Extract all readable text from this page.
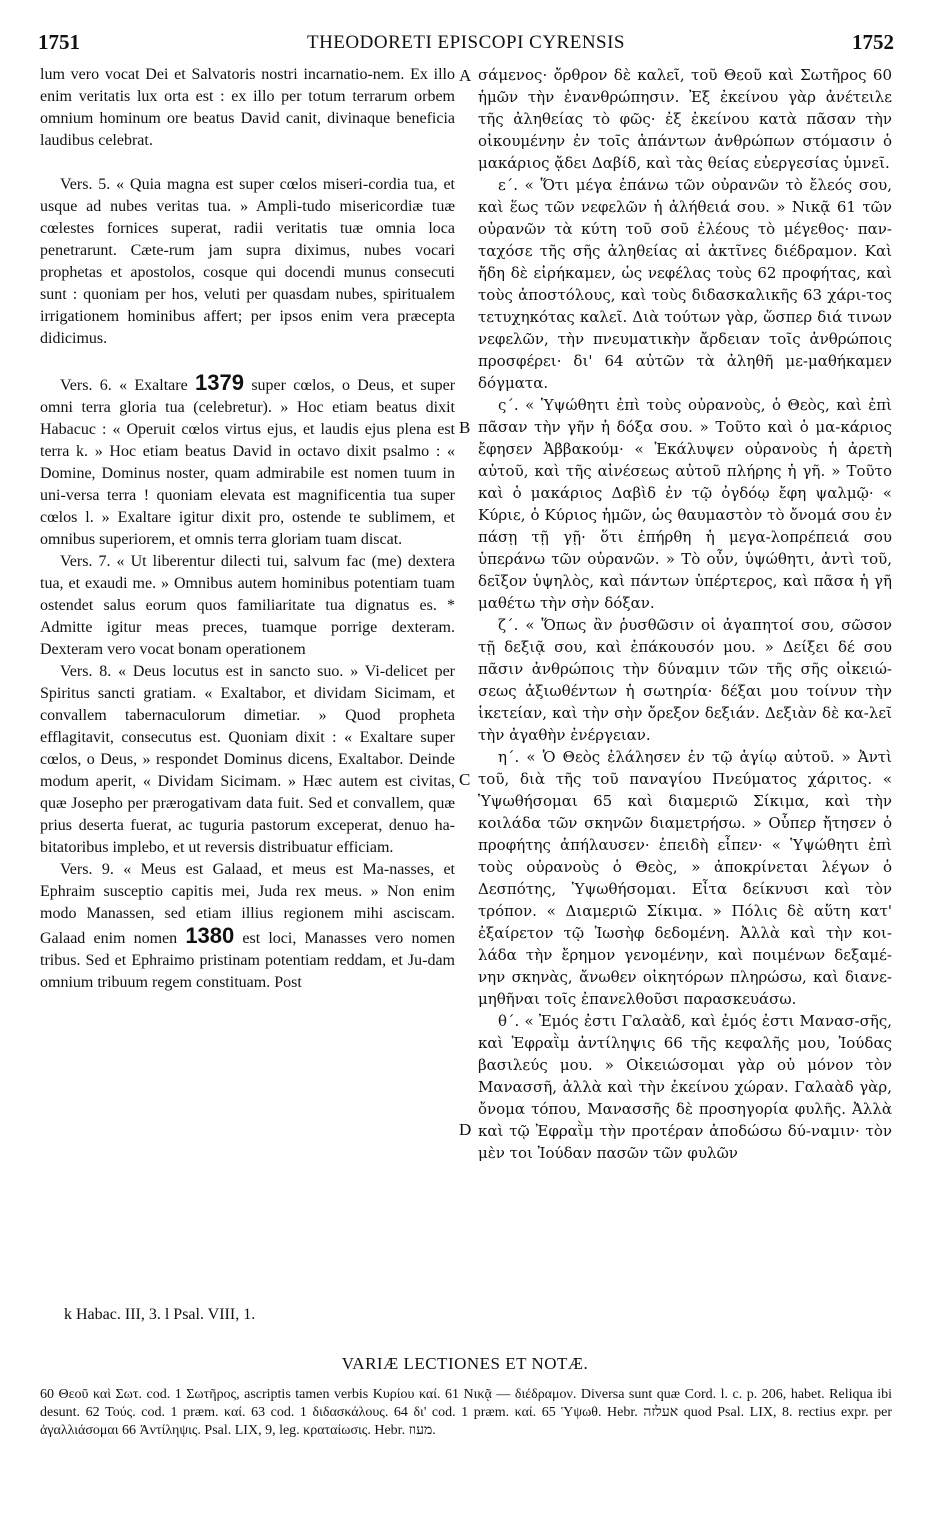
1751	THEODORETI EPISCOPI CYRENSIS	1752
A
B
C
D

lum vero vocat Dei et Salvatoris nostri incarnatio-nem. Ex illo enim veritatis lux orta est : ex illo per totum terrarum orbem omnium hominum ore beatus David canit, divinaque beneficia laudibus celebrat.

Vers. 5. « Quia magna est super cœlos miseri-cordia tua, et usque ad nubes veritas tua. » Ampli-tudo misericordiæ tuæ cœlestes fornices superat, radii veritatis tuæ omnia loca penetrarunt. Cæte-rum jam supra diximus, nubes vocari prophetas et apostolos, cosque qui docendi munus consecuti sunt : quoniam per hos, veluti per quasdam nubes, spiritualem irrigationem hominibus affert; per ipsos enim vera præcepta didicimus.

Vers. 6. « Exaltare 1379 super cœlos, o Deus, et super omni terra gloria tua (celebretur). » Hoc etiam beatus dixit Habacuc : « Operuit cœlos virtus ejus, et laudis ejus plena est terra k. » Hoc etiam beatus David in octavo dixit psalmo : « Domine, Dominus noster, quam admirabile est nomen tuum in uni-versa terra ! quoniam elevata est magnificentia tua super cœlos l. » Exaltare igitur dixit pro, ostende te sublimem, et omnibus superiorem, et omnis terra gloriam tuam discat.

Vers. 7. « Ut liberentur dilecti tui, salvum fac (me) dextera tua, et exaudi me. » Omnibus autem hominibus potentiam tuam ostendet salus eorum quos familiaritate tua dignatus es. * Admitte igitur meas preces, tuamque porrige dexteram. Dexteram vero vocat bonam operationem

Vers. 8. « Deus locutus est in sancto suo. » Vi-delicet per Spiritus sancti gratiam. « Exaltabor, et dividam Sicimam, et convallem tabernaculorum dimetiar. » Quod propheta efflagitavit, consecutus est. Quoniam dixit : « Exaltare super cœlos, o Deus, » respondet Dominus dicens, Exaltabor. Deinde modum aperit, « Dividam Sicimam. » Hæc autem est civitas, quæ Josepho per prærogativam data fuit. Sed et convallem, quæ prius deserta fuerat, ac tuguria pastorum exceperat, denuo ha-bitatoribus implebo, et ut reversis distribuatur efficiam.

Vers. 9. « Meus est Galaad, et meus est Ma-nasses, et Ephraim susceptio capitis mei, Juda rex meus. » Non enim modo Manassen, sed etiam illius regionem mihi asciscam. Galaad enim nomen 1380 est loci, Manasses vero nomen tribus. Sed et Ephraimo pristinam potentiam reddam, et Ju-dam omnium tribuum regem constituam. Post

σάμενος· ὄρθρον δὲ καλεῖ, τοῦ Θεοῦ καὶ Σωτῆρος 60 ἡμῶν τὴν ἐνανθρώπησιν. Ἐξ ἐκείνου γὰρ ἀνέτειλε τῆς ἀληθείας τὸ φῶς· ἐξ ἐκείνου κατὰ πᾶσαν τὴν οἰκουμένην ἐν τοῖς ἁπάντων ἀνθρώπων στόμασιν ὁ μακάριος ᾄδει Δαβίδ, καὶ τὰς θείας εὐεργεσίας ὑμνεῖ.

ε΄. « Ὅτι μέγα ἐπάνω τῶν οὐρανῶν τὸ ἔλεός σου, καὶ ἕως τῶν νεφελῶν ἡ ἀλήθειά σου. » Νικᾷ 61 τῶν οὐρανῶν τὰ κύτη τοῦ σοῦ ἐλέους τὸ μέγεθος· παν-ταχόσε τῆς σῆς ἀληθείας αἱ ἀκτῖνες διέδραμον. Καὶ ἤδη δὲ εἰρήκαμεν, ὡς νεφέλας τοὺς 62 προφήτας, καὶ τοὺς ἀποστόλους, καὶ τοὺς διδασκαλικῆς 63 χάρι-τος τετυχηκότας καλεῖ. Διὰ τούτων γὰρ, ὥσπερ διά τινων νεφελῶν, τὴν πνευματικὴν ἄρδειαν τοῖς ἀνθρώποις προσφέρει· δι' 64 αὐτῶν τὰ ἀληθῆ με-μαθήκαμεν δόγματα.

ς΄. « Ὑψώθητι ἐπὶ τοὺς οὐρανοὺς, ὁ Θεὸς, καὶ ἐπὶ πᾶσαν τὴν γῆν ἡ δόξα σου. » Τοῦτο καὶ ὁ μα-κάριος ἔφησεν Ἀββακούμ· « Ἐκάλυψεν οὐρανοὺς ἡ ἀρετὴ αὐτοῦ, καὶ τῆς αἰνέσεως αὐτοῦ πλήρης ἡ γῆ. » Τοῦτο καὶ ὁ μακάριος Δαβὶδ ἐν τῷ ὀγδόῳ ἔφη ψαλμῷ· « Κύριε, ὁ Κύριος ἡμῶν, ὡς θαυμαστὸν τὸ ὄνομά σου ἐν πάσῃ τῇ γῇ· ὅτι ἐπήρθη ἡ μεγα-λοπρέπειά σου ὑπεράνω τῶν οὐρανῶν. » Τὸ οὖν, ὑψώθητι, ἀντὶ τοῦ, δεῖξον ὑψηλὸς, καὶ πάντων ὑπέρτερος, καὶ πᾶσα ἡ γῆ μαθέτω τὴν σὴν δόξαν.

ζ΄. « Ὅπως ἂν ῥυσθῶσιν οἱ ἀγαπητοί σου, σῶσον τῇ δεξιᾷ σου, καὶ ἐπάκουσόν μου. » Δείξει δέ σου πᾶσιν ἀνθρώποις τὴν δύναμιν τῶν τῆς σῆς οἰκειώ-σεως ἀξιωθέντων ἡ σωτηρία· δέξαι μου τοίνυν τὴν ἱκετείαν, καὶ τὴν σὴν ὄρεξον δεξιάν. Δεξιὰν δὲ κα-λεῖ τὴν ἀγαθὴν ἐνέργειαν.

η΄. « Ὁ Θεὸς ἐλάλησεν ἐν τῷ ἁγίῳ αὐτοῦ. » Ἀντὶ τοῦ, διὰ τῆς τοῦ παναγίου Πνεύματος χάριτος. « Ὑψωθήσομαι 65 καὶ διαμεριῶ Σίκιμα, καὶ τὴν κοιλάδα τῶν σκηνῶν διαμετρήσω. » Οὗπερ ἤτησεν ὁ προφήτης ἀπήλαυσεν· ἐπειδὴ εἶπεν· « Ὑψώθητι ἐπὶ τοὺς οὐρανοὺς ὁ Θεὸς, » ἀποκρίνεται λέγων ὁ Δεσπότης, Ὑψωθήσομαι. Εἶτα δείκνυσι καὶ τὸν τρόπον. « Διαμεριῶ Σίκιμα. » Πόλις δὲ αὕτη κατ' ἐξαίρετον τῷ Ἰωσὴφ δεδομένη. Ἀλλὰ καὶ τὴν κοι-λάδα τὴν ἔρημον γενομένην, καὶ ποιμένων δεξαμέ-νην σκηνὰς, ἄνωθεν οἰκητόρων πληρώσω, καὶ διανε-μηθῆναι τοῖς ἐπανελθοῦσι παρασκευάσω.

θ΄. « Ἐμός ἐστι Γαλαὰδ, καὶ ἐμός ἐστι Μανασ-σῆς, καὶ Ἐφραῒμ ἀντίληψις 66 τῆς κεφαλῆς μου, Ἰούδας βασιλεύς μου. » Οἰκειώσομαι γὰρ οὐ μόνον τὸν Μανασσῆ, ἀλλὰ καὶ τὴν ἐκείνου χώραν. Γαλαὰδ γὰρ, ὄνομα τόπου, Μανασσῆς δὲ προσηγορία φυλῆς. Ἀλλὰ καὶ τῷ Ἐφραῒμ τὴν προτέραν ἀποδώσω δύ-ναμιν· τὸν μὲν τοι Ἰούδαν πασῶν τῶν φυλῶν

k Habac. III, 3. l Psal. VIII, 1.
VARIÆ LECTIONES ET NOTÆ.

60 Θεοῦ καὶ Σωτ. cod. 1 Σωτῆρος, ascriptis tamen verbis Κυρίου καί. 61 Νικᾷ — διέδραμον. Diversa sunt quæ Cord. l. c. p. 206, habet. Reliqua ibi desunt. 62 Τούς. cod. 1 præm. καί. 63 cod. 1 διδασκάλους. 64 δι' cod. 1 præm. καί. 65 Ὑψωθ. Hebr. אעלזה quod Psal. LIX, 8. rectius expr. per ἀγαλλιάσομαι 66 Ἀντίληψις. Psal. LIX, 9, leg. κραταίωσις. Hebr. מעוז.
